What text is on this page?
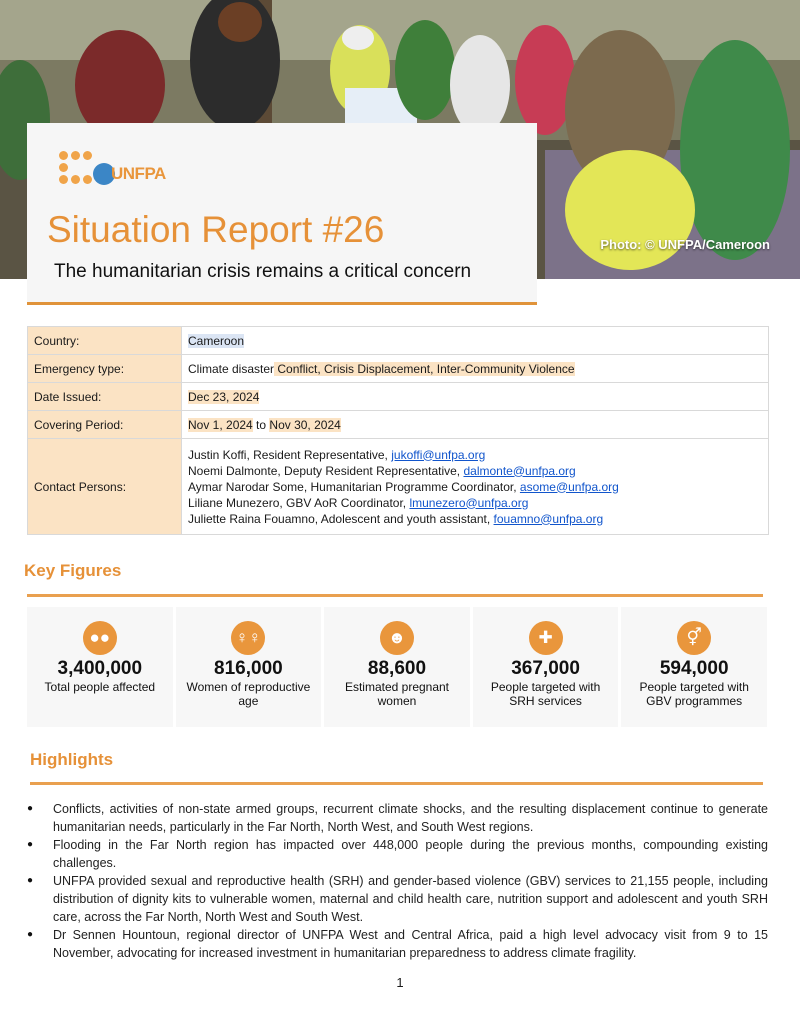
Photo: © UNFPA/Cameroon
UNFPA
Situation Report #26
The humanitarian crisis remains a critical concern
Country:	Cameroon
Emergency type:	Climate disaster Conflict, Crisis Displacement, Inter-Community Violence
Date Issued:	Dec 23, 2024
Covering Period:	Nov 1, 2024 to Nov 30, 2024
Contact Persons:	Justin Koffi, Resident Representative, jukoffi@unfpa.org
Noemi Dalmonte, Deputy Resident Representative, dalmonte@unfpa.org
Aymar Narodar Some, Humanitarian Programme Coordinator, asome@unfpa.org
Liliane Munezero, GBV AoR Coordinator, lmunezero@unfpa.org
Juliette Raina Fouamno, Adolescent and youth assistant, fouamno@unfpa.org
Key Figures
●●
3,400,000
Total people affected
♀♀
816,000
Women of reproductive age
☻
88,600
Estimated pregnant women
✚
367,000
People targeted with SRH services
⚥
594,000
People targeted with GBV programmes
Highlights
● Conflicts, activities of non-state armed groups, recurrent climate shocks, and the resulting displacement continue to generate humanitarian needs, particularly in the Far North, North West, and South West regions.
● Flooding in the Far North region has impacted over 448,000 people during the previous months, compounding existing challenges.
● UNFPA provided sexual and reproductive health (SRH) and gender-based violence (GBV) services to 21,155 people, including distribution of dignity kits to vulnerable women, maternal and child health care, nutrition support and adolescent and youth SRH care, across the Far North, North West and South West.
● Dr Sennen Hountoun, regional director of UNFPA West and Central Africa, paid a high level advocacy visit from 9 to 15 November, advocating for increased investment in humanitarian preparedness to address climate fragility.
1
